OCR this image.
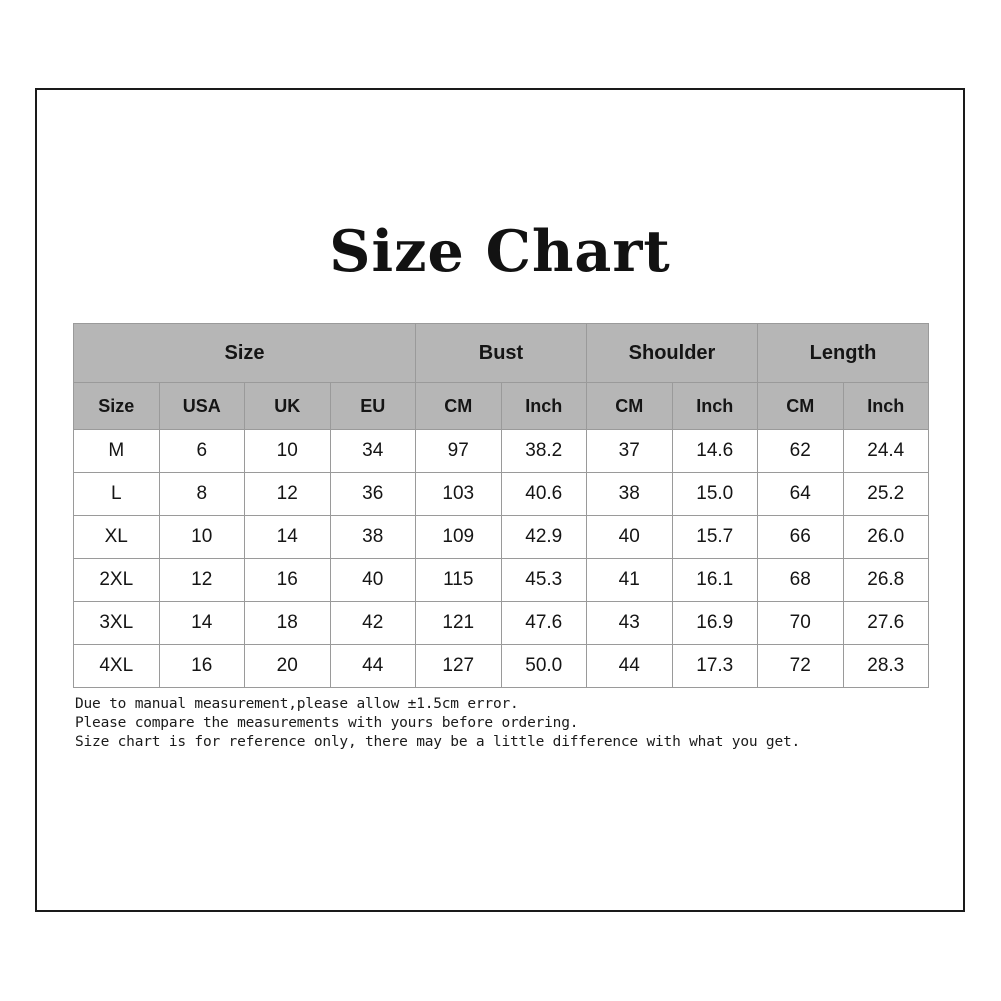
Size Chart
Size				Bust		Shoulder		Length	
Size	USA	UK	EU	CM	Inch	CM	Inch	CM	Inch
M	6	10	34	97	38.2	37	14.6	62	24.4
L	8	12	36	103	40.6	38	15.0	64	25.2
XL	10	14	38	109	42.9	40	15.7	66	26.0
2XL	12	16	40	115	45.3	41	16.1	68	26.8
3XL	14	18	42	121	47.6	43	16.9	70	27.6
4XL	16	20	44	127	50.0	44	17.3	72	28.3
Due to manual measurement,please allow ±1.5cm error.
Please compare the measurements with yours before ordering.
Size chart is for reference only, there may be a little difference with what you get.
